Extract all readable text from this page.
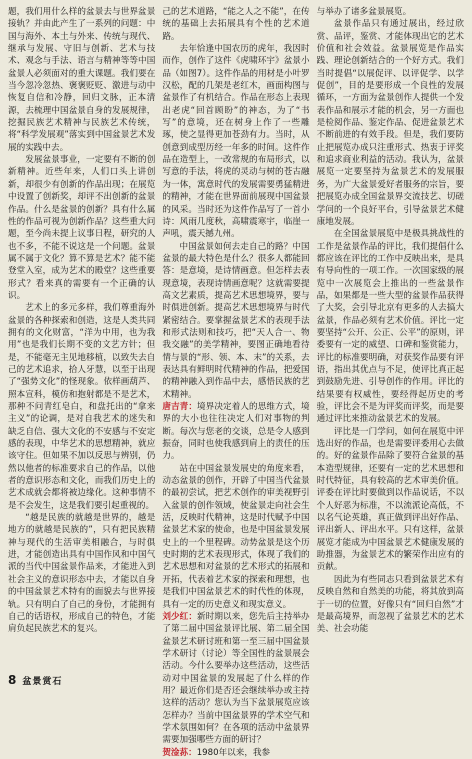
题，我们用什么样的盆景去与世界盆景接轨？并由此产生了一系列的问题：中国与海外、本土与外来、传统与现代、继承与发展、守旧与创新、艺术与技术、观念与手法、语言与精神等等中国盆景人必须面对的重大课题。我们要在当今忽冷忽热、褒褒贬贬、激进与动中恢复自信和冷静，回归文脉，正本清源，去梳理中国盆景自身的发展规律，挖掘民族艺术精神与民族艺术传统，将“科学发展观”落实到中国盆景艺术发展的实践中去。

发展盆景事业，一定要有不断的创新精神。近些年来，人们口头上讲创新，却很少有创新的作品出现；在展览中设置了创新奖，却评不出创新的盆景作品。什么是盆景的创新？具有什么属性的作品可视为创新作品？这些重大问题，至今尚未提上议事日程，研究的人也不多，不能不说这是一个问题。盆景属不属于文化？算不算是艺术？能不能登堂入室，成为艺术的殿堂？这些重要形式？看来真的需要有一个正确的认识。

艺术上的多元多样，我们尊重海外盆景的各种探索和创造，这是人类共同拥有的文化财富，“洋为中用，也为我用”也是我们长期不变的文艺方针；但是，不能毫无主见地移植，以致失去自己的艺术追求，拾人牙慧，以至于出现了“强势文化”的怪现象。依样画葫芦、照本宣科，模仿和抱射都是不是艺术，那种不问青红皂白，和盘托出的“拿来主义”的论调，是对自我艺术的迷失和缺乏自信、强大文化的不安感与不安定感的表现，中华艺术的思想精神，就应该守住。但如果不加以反思与辨别，仍然以他者的标准要求自己的作品，以他者的意识形态和文化，而我们历史上的艺术成就会都将被边缘化。这种事情不是不会发生，这是我们要引起重视的。

“越是民族的就越是世界的，越是地方的就越是民族的”，只有把民族精神与现代的生活审美相融合，与时俱进，才能创造出具有中国作风和中国气派的当代中国盆景作品来，才能进入到社会主义的意识形态中去，才能以自身的中国盆景艺术特有的面貌去与世界接轨。只有明白了自己的身份，才能拥有自己的话语权，形成自己的特色，才能肩负起民族艺术的复兴。

己的艺术道路，“能之人之不能”，在传统的基础上去拓展具有个性的艺术道路。

去年恰逢中国农历的虎年，我因时而作，创作了这件《虎啸环宇》盆景小品（如图7）。这件作品的用材是小叶罗汉松，配的几架是老红木，画面构图与盆景作了有机结合。作品在形态上表现出老虎“回首顾盼”的神态，为了“书写”的意境，还在树身上作了一些雕琢，使之显得更加苍劲有力。当时，从创意到成型历经一年多的时间。这件作品在造型上，一改常规的布局形式，以写意的手法，将虎的灵动与树的苍古融为一体，寓意时代的发展需要勇猛精进的精神，才能在世界面前展现中国盆景的风采。当时还为这件作品写了一首小诗：风雨几度秋，高啸震寒宇，临崖一声吼，震天撼九州。

中国盆景如何去走自己的路？中国盆景的最大特色是什么？很多人都能回答：是意境，是诗情画意。但怎样去表现意境，表现诗情画意呢？这就需要提高文艺素质，提高艺术思想境界，要与时俱进创新。提高艺术思想境界与时代紧密结合。要掌握盆景艺术的表现手法和形式法则和技巧，把“天人合一、物我交融”的美学精神，要图正确地看待情与景的“形、领、本、末”的关系，去表达具有鲜明时代精神的作品，把爱国的精神融入到作品中去，感悟民族的艺术精神。

唐吉青：境界决定着人的思维方式，境界的大小也往往决定人们对事物的判断。每次与您老的交谈，总是令人感到振奋，同时也使我感到肩上的责任的压力。

站在中国盆景发展史的角度来看，动态盆景的创作，开辟了中国当代盆景的最初尝试，把艺术创作的审美视野引入盆景的创作领域，使盆景走向社会生活，反映时代精神，这是时代赋予中国盆景艺术家的使命，也是中国盆景发展史上的一个里程碑。动势盆景是这个历史时期的艺术表现形式，体现了我们的艺术思想和对盆景的艺术形式的拓展和开拓，代表着艺术家的探索和理想，也是我们中国盆景艺术的时代性的体现，具有一定的历史意义和现实意义。

刘少红：新时期以来，您先后主持举办了第二届中国盆景评比展、第二届全国盆景艺术研讨班和第一至三届中国盆景学术研讨（讨论）等全国性的盆景展会活动。今什么要举办这些活动，这些活动对中国盆景的发展起了什么样的作用？最近你们是否还会继续举办或主持这样的活动？您认为当下盆景展览应该怎样办？当前中国盆景界的学术空气和学术氛围如何？在各项的活动中盆景界需要加强哪些方面的研讨？

贺淦荪：1980年以来，我参

与举办了诸多盆景展览。

盆景作品只有通过展出，经过欣赏、品评，鉴赏、才能体现出它的艺术价值和社会效益。盆景展览是作品实践、理论创新结合的一个好方式。我们当时提倡“以展促评、以评促学、以学促创”，目的是要形成一个良性的发展循环，一方面为盆景创作人提供一个发表作品和展示才能的机会，另一方面也是检阅作品、鉴定作品、促进盆景艺术不断前进的有效手段。但是，我们要防止把展览办成只注重形式、热衷于评奖和追求商业利益的活动。我认为，盆景展览一定要坚持为盆景艺术的发展服务，为广大盆景爱好者服务的宗旨，要把展览办成全国盆景界交流技艺、切磋学问的一个良好平台，引导盆景艺术健康地发展。

在全国盆景展览中是极具挑战性的工作是盆景作品的评比，我们提倡什么都应该在评比的工作中反映出来，是具有导向性的一项工作。一次国家级的展览中一次展览会上推出的一些盆景作品，如果都是一些大型的盆景作品获得了大奖，会引导北京有更多的人去搞大盆景，作品必须有艺术价值。评比一定要坚持“公开、公正、公平”的原则，评委要有一定的威望、口碑和鉴赏能力，评比的标准要明确，对获奖作品要有评语，指出其优点与不足，使评比真正起到鼓励先进、引导创作的作用。评比的结果要有权威性，要经得起历史的考验，评比会不是为评奖而评奖，而是要通过评比来推动盆景艺术的发展。

评比是一门学问，如何在展览中评选出好的作品，也是需要评委用心去做的。好的盆景作品除了要符合盆景的基本造型规律，还要有一定的艺术思想和时代特征，具有较高的艺术审美价值。评委在评比时要做到以作品说话，不以个人好恶为标准，不以流派论高低，不以名气论英雄，真正做到评出好作品、评出新人、评出水平。只有这样，盆景展览才能成为中国盆景艺术健康发展的助推器，为盆景艺术的繁荣作出应有的贡献。

因此为有些同志只看到盆景艺术有反映自然和自然美的功能，将其放到高于一切的位置，好像只有“回归自然”才是最高境界，而忽视了盆景艺术的艺术美、社会功能

8 盆景赏石
